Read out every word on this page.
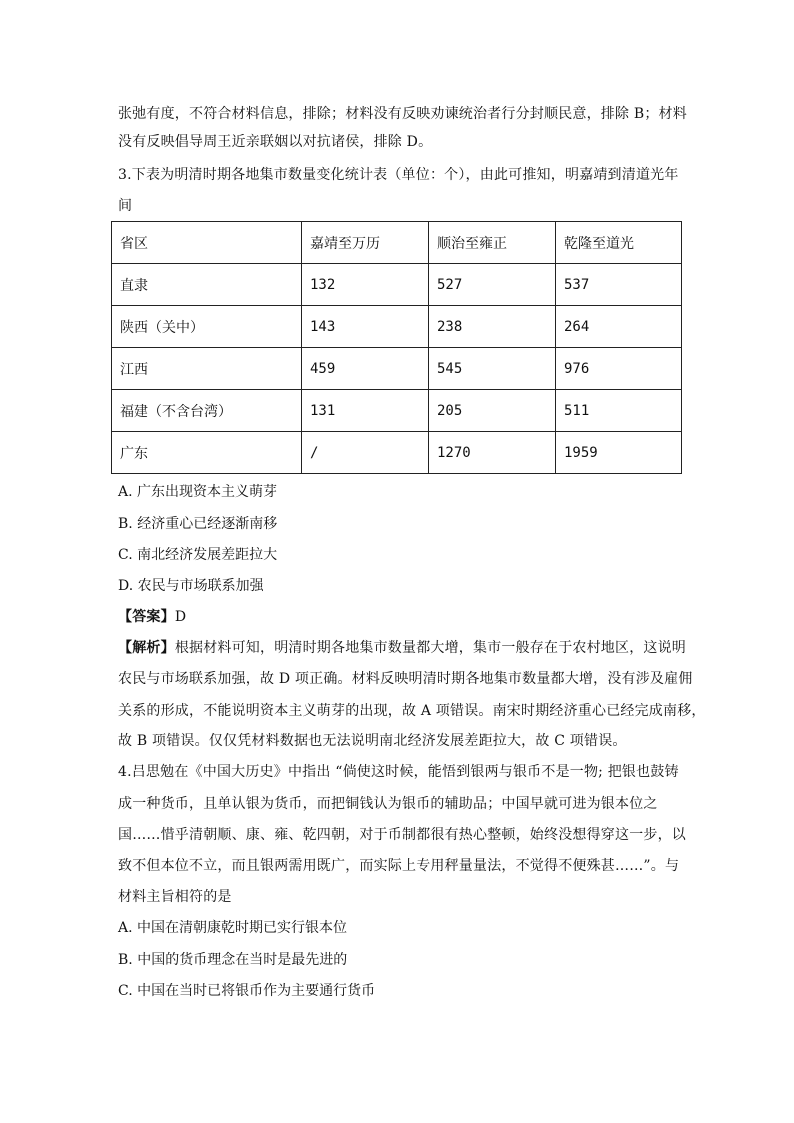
张弛有度，不符合材料信息，排除；材料没有反映劝谏统治者行分封顺民意，排除 B；材料
没有反映倡导周王近亲联姻以对抗诸侯，排除 D。
3.下表为明清时期各地集市数量变化统计表（单位：个），由此可推知，明嘉靖到清道光年
间
省区	嘉靖至万历	顺治至雍正	乾隆至道光
直隶	132	527	537
陕西（关中）	143	238	264
江西	459	545	976
福建（不含台湾）	131	205	511
广东	/	1270	1959
A. 广东出现资本主义萌芽
B. 经济重心已经逐渐南移
C. 南北经济发展差距拉大
D. 农民与市场联系加强
【答案】D
【解析】根据材料可知，明清时期各地集市数量都大增，集市一般存在于农村地区，这说明
农民与市场联系加强，故 D 项正确。材料反映明清时期各地集市数量都大增，没有涉及雇佣
关系的形成，不能说明资本主义萌芽的出现，故 A 项错误。南宋时期经济重心已经完成南移，
故 B 项错误。仅仅凭材料数据也无法说明南北经济发展差距拉大，故 C 项错误。
4.吕思勉在《中国大历史》中指出 “倘使这时候，能悟到银两与银币不是一物; 把银也鼓铸
成一种货币，且单认银为货币，而把铜钱认为银币的辅助品；中国早就可进为银本位之
国……惜乎清朝顺、康、雍、乾四朝，对于币制都很有热心整顿，始终没想得穿这一步，以
致不但本位不立，而且银两需用既广，而实际上专用秤量量法，不觉得不便殊甚……”。与
材料主旨相符的是
A. 中国在清朝康乾时期已实行银本位
B. 中国的货币理念在当时是最先进的
C. 中国在当时已将银币作为主要通行货币
